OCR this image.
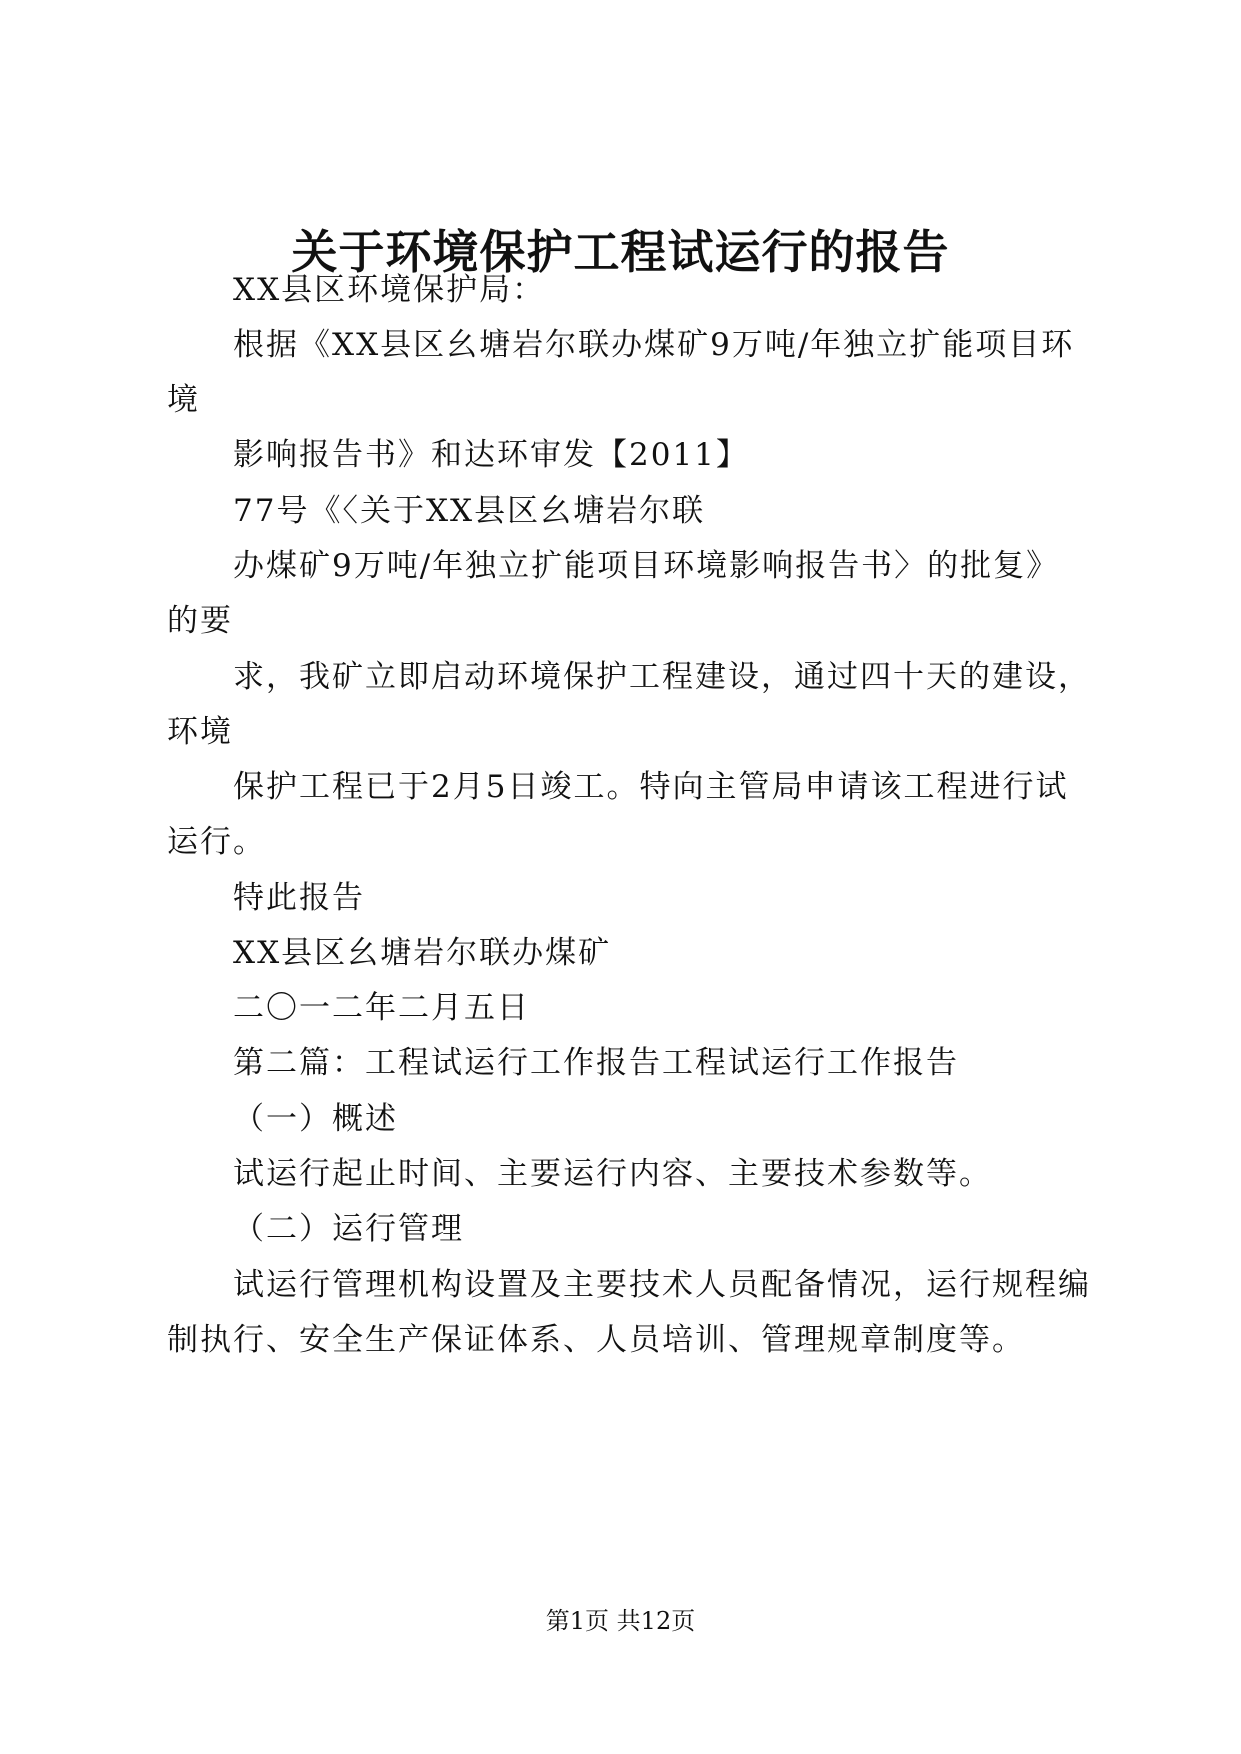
关于环境保护工程试运行的报告
XX县区环境保护局：
根据《XX县区幺塘岩尔联办煤矿9万吨/年独立扩能项目环
境
影响报告书》和达环审发【2011】
77号《〈关于XX县区幺塘岩尔联
办煤矿9万吨/年独立扩能项目环境影响报告书〉的批复》
的要
求，我矿立即启动环境保护工程建设，通过四十天的建设，
环境
保护工程已于2月5日竣工。特向主管局申请该工程进行试
运行。
特此报告
XX县区幺塘岩尔联办煤矿
二〇一二年二月五日
第二篇：工程试运行工作报告工程试运行工作报告
（一）概述
试运行起止时间、主要运行内容、主要技术参数等。
（二）运行管理
试运行管理机构设置及主要技术人员配备情况，运行规程编
制执行、安全生产保证体系、人员培训、管理规章制度等。
第1页 共12页
